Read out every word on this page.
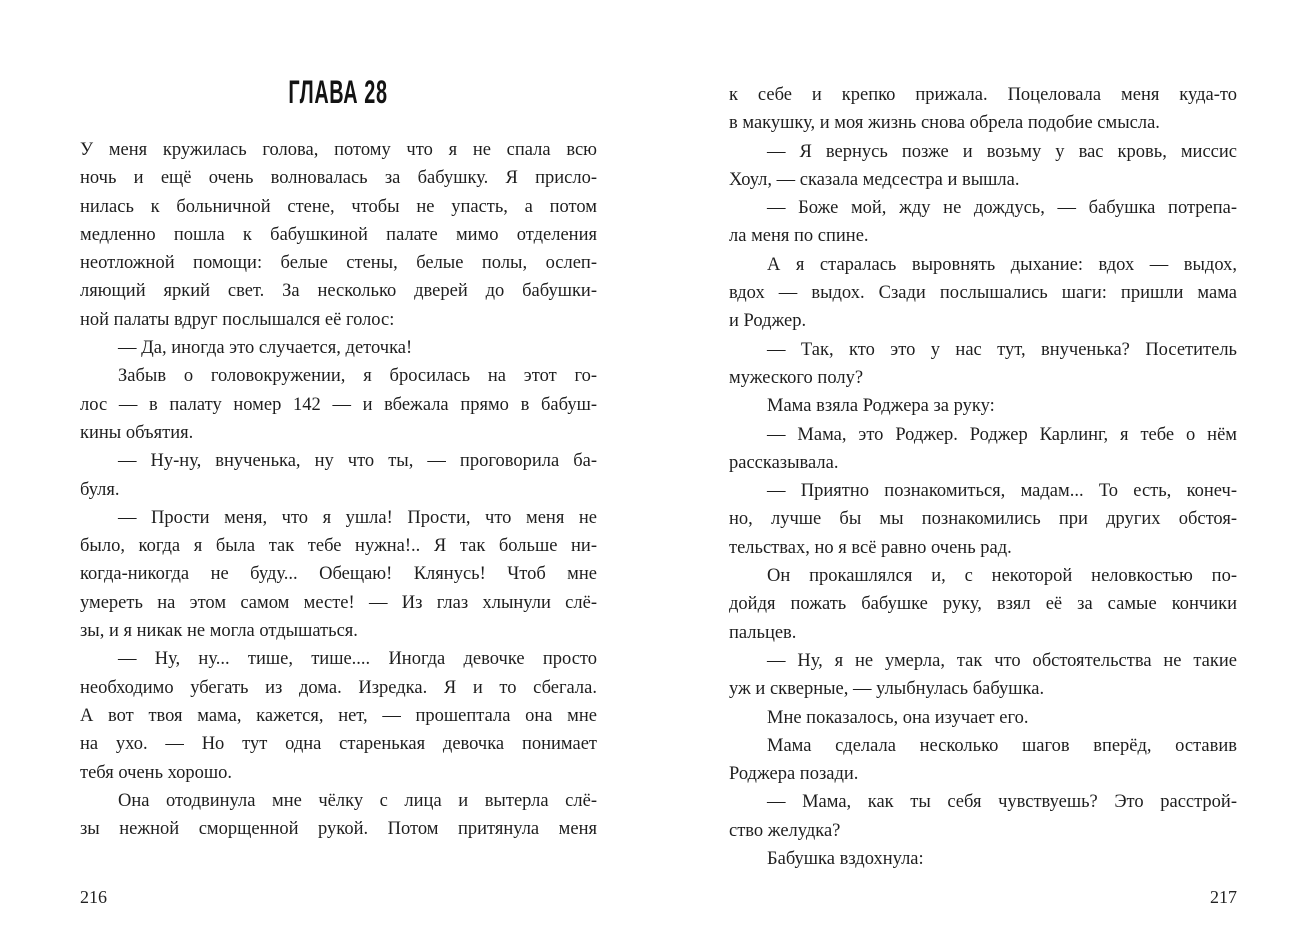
ГЛАВА 28
У меня кружилась голова, потому что я не спала всю
ночь и ещё очень волновалась за бабушку. Я присло-
нилась к больничной стене, чтобы не упасть, а потом
медленно пошла к бабушкиной палате мимо отделения
неотложной помощи: белые стены, белые полы, ослеп-
ляющий яркий свет. За несколько дверей до бабушки-
ной палаты вдруг послышался её голос:
— Да, иногда это случается, деточка!
Забыв о головокружении, я бросилась на этот го-
лос — в палату номер 142 — и вбежала прямо в бабуш-
кины объятия.
— Ну-ну, внученька, ну что ты, — проговорила ба-
буля.
— Прости меня, что я ушла! Прости, что меня не
было, когда я была так тебе нужна!.. Я так больше ни-
когда-никогда не буду... Обещаю! Клянусь! Чтоб мне
умереть на этом самом месте! — Из глаз хлынули слё-
зы, и я никак не могла отдышаться.
— Ну, ну... тише, тише.... Иногда девочке просто
необходимо убегать из дома. Изредка. Я и то сбегала.
А вот твоя мама, кажется, нет, — прошептала она мне
на ухо. — Но тут одна старенькая девочка понимает
тебя очень хорошо.
Она отодвинула мне чёлку с лица и вытерла слё-
зы нежной сморщенной рукой. Потом притянула меня
216
к себе и крепко прижала. Поцеловала меня куда-то
в макушку, и моя жизнь снова обрела подобие смысла.
— Я вернусь позже и возьму у вас кровь, миссис
Хоул, — сказала медсестра и вышла.
— Боже мой, жду не дождусь, — бабушка потрепа-
ла меня по спине.
А я старалась выровнять дыхание: вдох — выдох,
вдох — выдох. Сзади послышались шаги: пришли мама
и Роджер.
— Так, кто это у нас тут, внученька? Посетитель
мужеского полу?
Мама взяла Роджера за руку:
— Мама, это Роджер. Роджер Карлинг, я тебе о нём
рассказывала.
— Приятно познакомиться, мадам... То есть, конеч-
но, лучше бы мы познакомились при других обстоя-
тельствах, но я всё равно очень рад.
Он прокашлялся и, с некоторой неловкостью по-
дойдя пожать бабушке руку, взял её за самые кончики
пальцев.
— Ну, я не умерла, так что обстоятельства не такие
уж и скверные, — улыбнулась бабушка.
Мне показалось, она изучает его.
Мама сделала несколько шагов вперёд, оставив
Роджера позади.
— Мама, как ты себя чувствуешь? Это расстрой-
ство желудка?
Бабушка вздохнула:
217
